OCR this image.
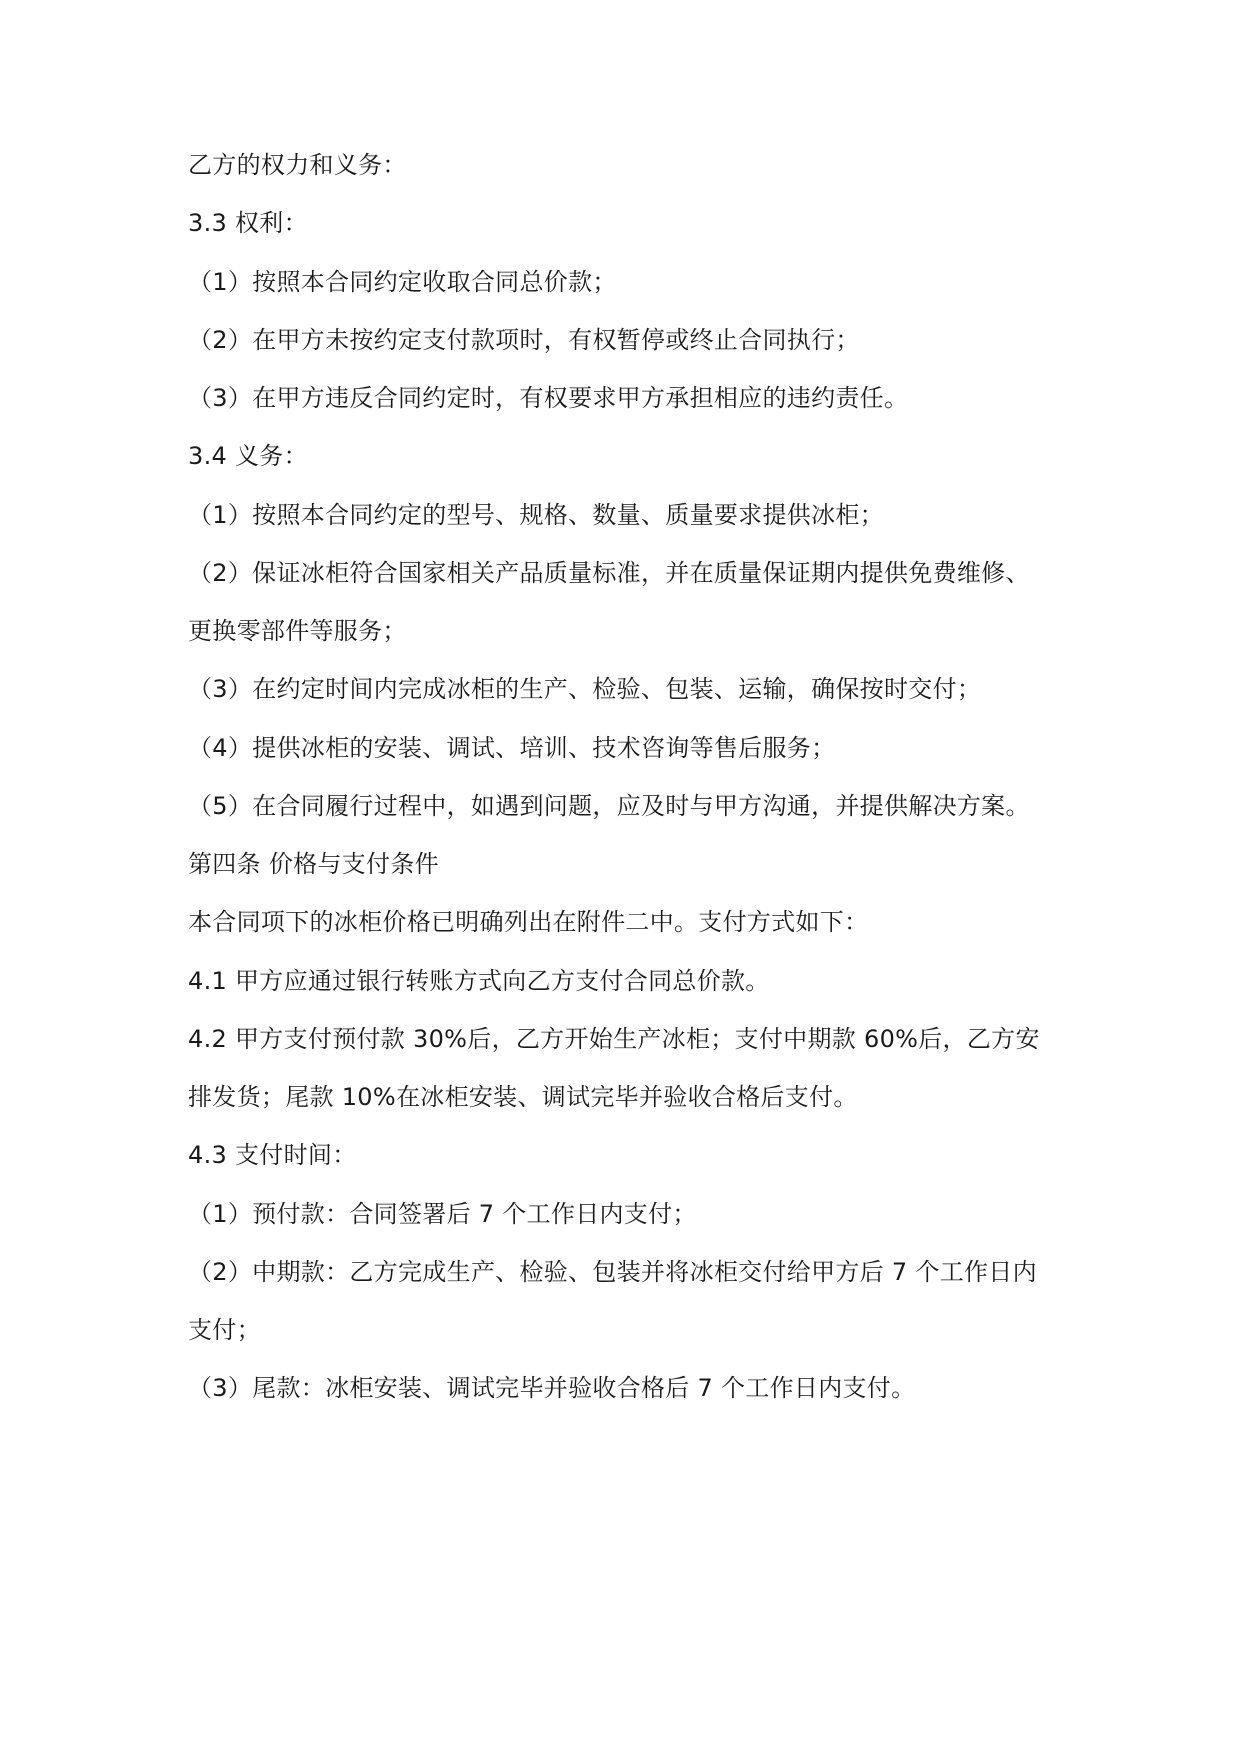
乙方的权力和义务：
3.3 权利：
（1）按照本合同约定收取合同总价款；
（2）在甲方未按约定支付款项时，有权暂停或终止合同执行；
（3）在甲方违反合同约定时，有权要求甲方承担相应的违约责任。
3.4 义务：
（1）按照本合同约定的型号、规格、数量、质量要求提供冰柜；
（2）保证冰柜符合国家相关产品质量标准，并在质量保证期内提供免费维修、
更换零部件等服务；
（3）在约定时间内完成冰柜的生产、检验、包装、运输，确保按时交付；
（4）提供冰柜的安装、调试、培训、技术咨询等售后服务；
（5）在合同履行过程中，如遇到问题，应及时与甲方沟通，并提供解决方案。
第四条 价格与支付条件
本合同项下的冰柜价格已明确列出在附件二中。支付方式如下：
4.1 甲方应通过银行转账方式向乙方支付合同总价款。
4.2 甲方支付预付款 30%后，乙方开始生产冰柜；支付中期款 60%后，乙方安
排发货；尾款 10%在冰柜安装、调试完毕并验收合格后支付。
4.3 支付时间：
（1）预付款：合同签署后 7 个工作日内支付；
（2）中期款：乙方完成生产、检验、包装并将冰柜交付给甲方后 7 个工作日内
支付；
（3）尾款：冰柜安装、调试完毕并验收合格后 7 个工作日内支付。
